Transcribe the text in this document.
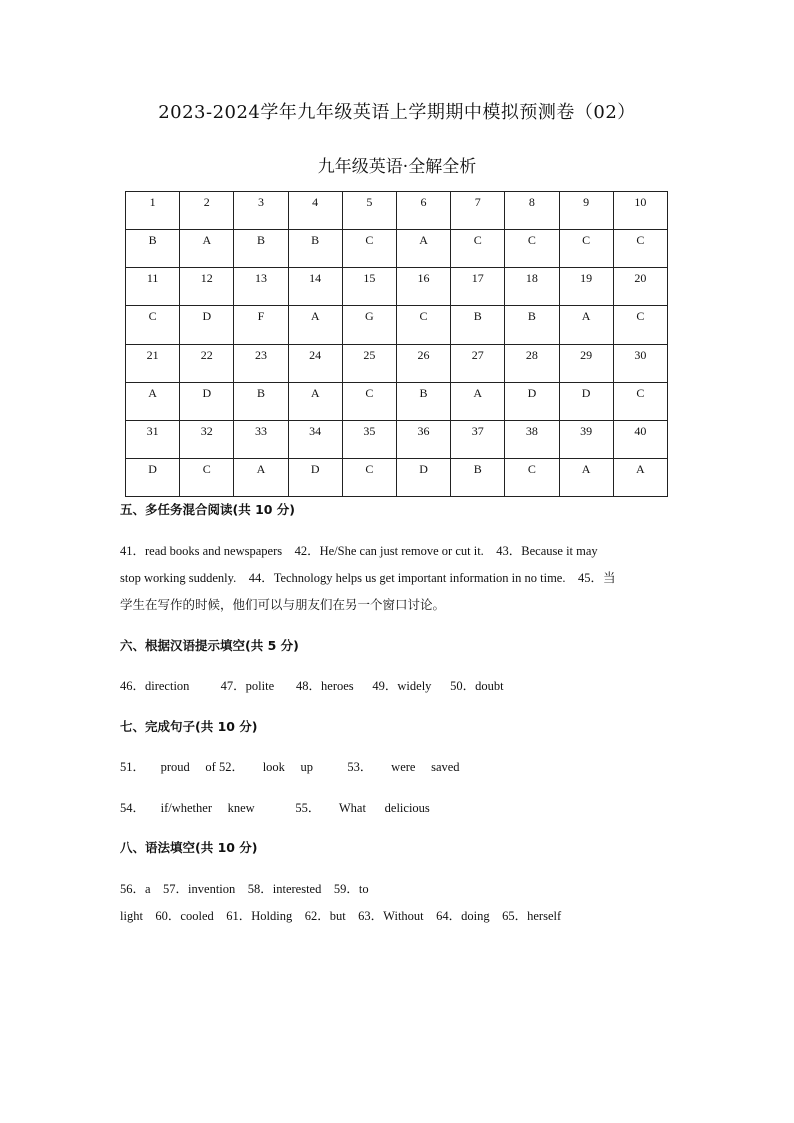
2023-2024学年九年级英语上学期期中模拟预测卷（02）
九年级英语·全解全析
1	2	3	4	5	6	7	8	9	10
B	A	B	B	C	A	C	C	C	C
11	12	13	14	15	16	17	18	19	20
C	D	F	A	G	C	B	B	A	C
21	22	23	24	25	26	27	28	29	30
A	D	B	A	C	B	A	D	D	C
31	32	33	34	35	36	37	38	39	40
D	C	A	D	C	D	B	C	A	A
五、多任务混合阅读(共 10 分)
41．read books and newspapers    42．He/She can just remove or cut it.    43．Because it may
stop working suddenly.    44．Technology helps us get important information in no time.    45．当
学生在写作的时候，他们可以与朋友们在另一个窗口讨论。
六、根据汉语提示填空(共 5 分)
46．direction          47．polite       48．heroes      49．widely      50．doubt
七、完成句子(共 10 分)
51．     proud     of 52．      look     up           53．      were     saved
54．     if/whether     knew             55．      What      delicious
八、语法填空(共 10 分)
56．a    57．invention    58．interested    59．to
light    60．cooled    61．Holding    62．but    63．Without    64．doing    65．herself
